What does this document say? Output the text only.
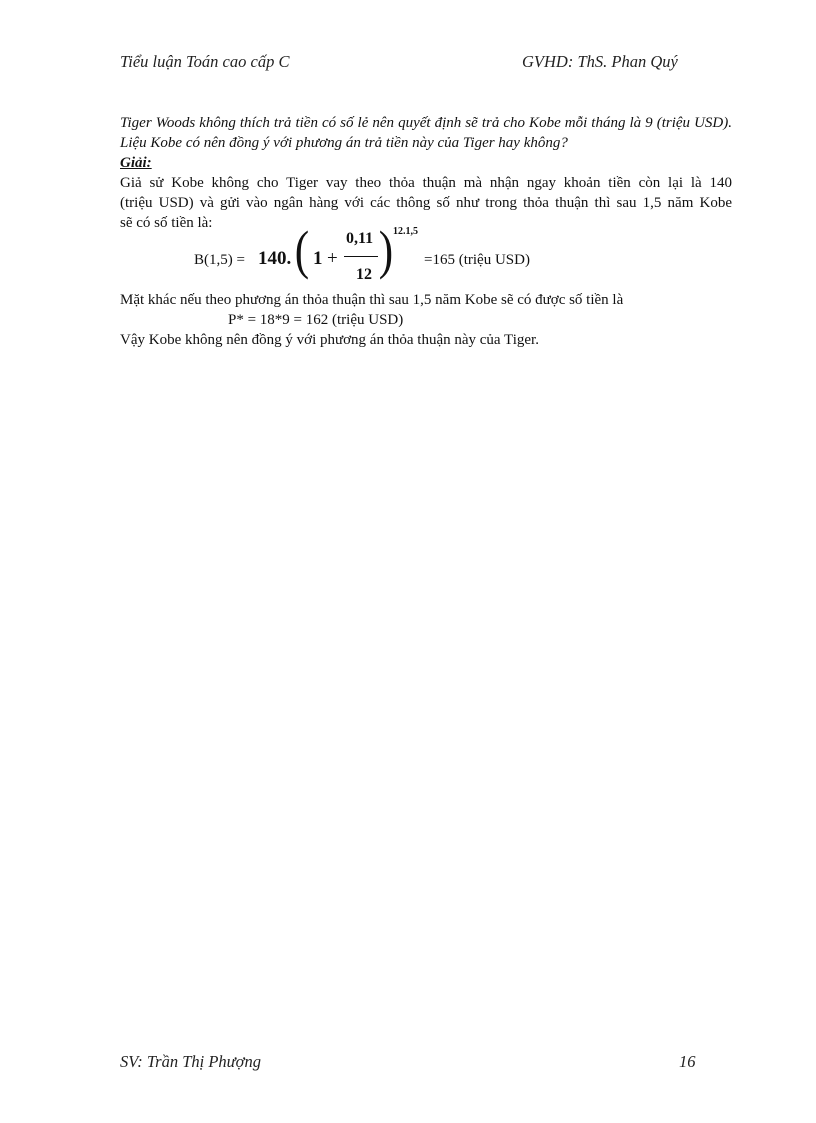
Tiểu luận Toán cao cấp C	GVHD: ThS. Phan Quý
Tiger Woods không thích trả tiền có số lẻ nên quyết định sẽ trả cho Kobe mỗi tháng là 9 (triệu USD). Liệu Kobe có nên đồng ý với phương án trả tiền này của Tiger hay không?
Giải:
Giả sử Kobe không cho Tiger vay theo thỏa thuận mà nhận ngay khoản tiền còn lại là 140
(triệu USD) và gửi vào ngân hàng với các thông số như trong thỏa thuận thì sau 1,5 năm Kobe
sẽ có số tiền là:
B(1,5) = 140. ( 1 +
0,11
12 ) 12.1,5
=165 (triệu USD)
Mặt khác nếu theo phương án thỏa thuận thì sau 1,5 năm Kobe sẽ có được số tiền là
P* = 18*9 = 162 (triệu USD)
Vậy Kobe không nên đồng ý với phương án thỏa thuận này của Tiger.
SV: Trần Thị Phượng	16
